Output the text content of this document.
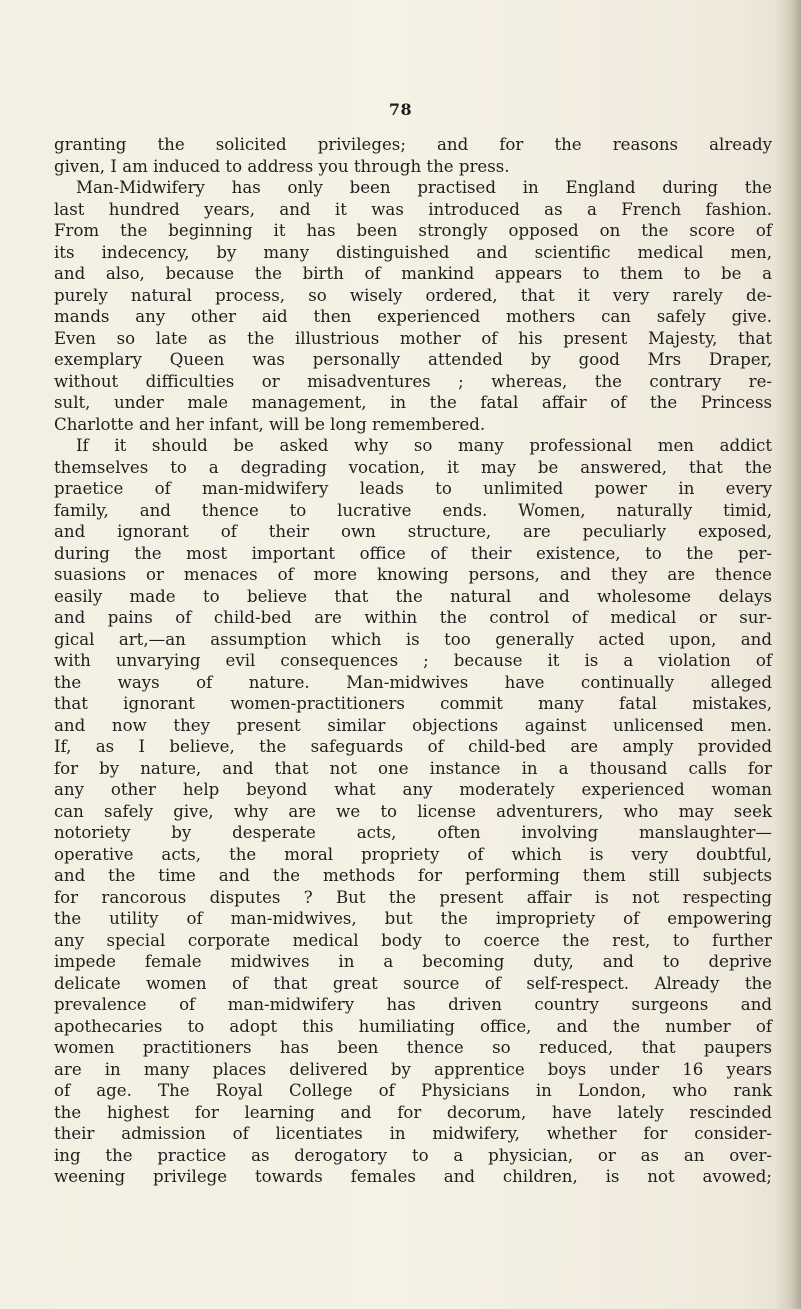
78
granting the solicited privileges; and for the reasons already
given, I am induced to address you through the press.
Man-Midwifery has only been practised in England during the
last hundred years, and it was introduced as a French fashion.
From the beginning it has been strongly opposed on the score of
its indecency, by many distinguished and scientific medical men,
and also, because the birth of mankind appears to them to be a
purely natural process, so wisely ordered, that it very rarely de-
mands any other aid then experienced mothers can safely give.
Even so late as the illustrious mother of his present Majesty, that
exemplary Queen was personally attended by good Mrs Draper,
without difficulties or misadventures ; whereas, the contrary re-
sult, under male management, in the fatal affair of the Princess
Charlotte and her infant, will be long remembered.
If it should be asked why so many professional men addict
themselves to a degrading vocation, it may be answered, that the
praetice of man-midwifery leads to unlimited power in every
family, and thence to lucrative ends. Women, naturally timid,
and ignorant of their own structure, are peculiarly exposed,
during the most important office of their existence, to the per-
suasions or menaces of more knowing persons, and they are thence
easily made to believe that the natural and wholesome delays
and pains of child-bed are within the control of medical or sur-
gical art,—an assumption which is too generally acted upon, and
with unvarying evil consequences ; because it is a violation of
the ways of nature. Man-midwives have continually alleged
that ignorant women-practitioners commit many fatal mistakes,
and now they present similar objections against unlicensed men.
If, as I believe, the safeguards of child-bed are amply provided
for by nature, and that not one instance in a thousand calls for
any other help beyond what any moderately experienced woman
can safely give, why are we to license adventurers, who may seek
notoriety by desperate acts, often involving manslaughter—
operative acts, the moral propriety of which is very doubtful,
and the time and the methods for performing them still subjects
for rancorous disputes ? But the present affair is not respecting
the utility of man-midwives, but the impropriety of empowering
any special corporate medical body to coerce the rest, to further
impede female midwives in a becoming duty, and to deprive
delicate women of that great source of self-respect. Already the
prevalence of man-midwifery has driven country surgeons and
apothecaries to adopt this humiliating office, and the number of
women practitioners has been thence so reduced, that paupers
are in many places delivered by apprentice boys under 16 years
of age. The Royal College of Physicians in London, who rank
the highest for learning and for decorum, have lately rescinded
their admission of licentiates in midwifery, whether for consider-
ing the practice as derogatory to a physician, or as an over-
weening privilege towards females and children, is not avowed;
